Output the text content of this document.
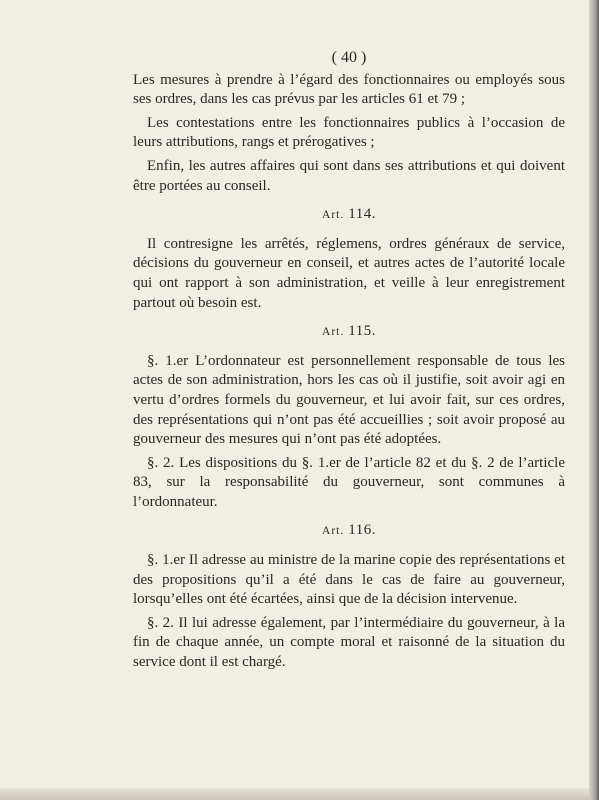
( 40 )

Les mesures à prendre à l’égard des fonctionnaires ou employés sous ses ordres, dans les cas prévus par les articles 61 et 79 ;

Les contestations entre les fonctionnaires publics à l’occasion de leurs attributions, rangs et prérogatives ;

Enfin, les autres affaires qui sont dans ses attributions et qui doivent être portées au conseil.

Art. 114.

Il contresigne les arrêtés, réglemens, ordres généraux de service, décisions du gouverneur en conseil, et autres actes de l’autorité locale qui ont rapport à son administration, et veille à leur enregistrement partout où besoin est.

Art. 115.

§. 1.er L’ordonnateur est personnellement responsable de tous les actes de son administration, hors les cas où il justifie, soit avoir agi en vertu d’ordres formels du gouverneur, et lui avoir fait, sur ces ordres, des représentations qui n’ont pas été accueillies ; soit avoir proposé au gouverneur des mesures qui n’ont pas été adoptées.

§. 2. Les dispositions du §. 1.er de l’article 82 et du §. 2 de l’article 83, sur la responsabilité du gouverneur, sont communes à l’ordonnateur.

Art. 116.

§. 1.er Il adresse au ministre de la marine copie des représentations et des propositions qu’il a été dans le cas de faire au gouverneur, lorsqu’elles ont été écartées, ainsi que de la décision intervenue.

§. 2. Il lui adresse également, par l’intermédiaire du gouverneur, à la fin de chaque année, un compte moral et raisonné de la situation du service dont il est chargé.
